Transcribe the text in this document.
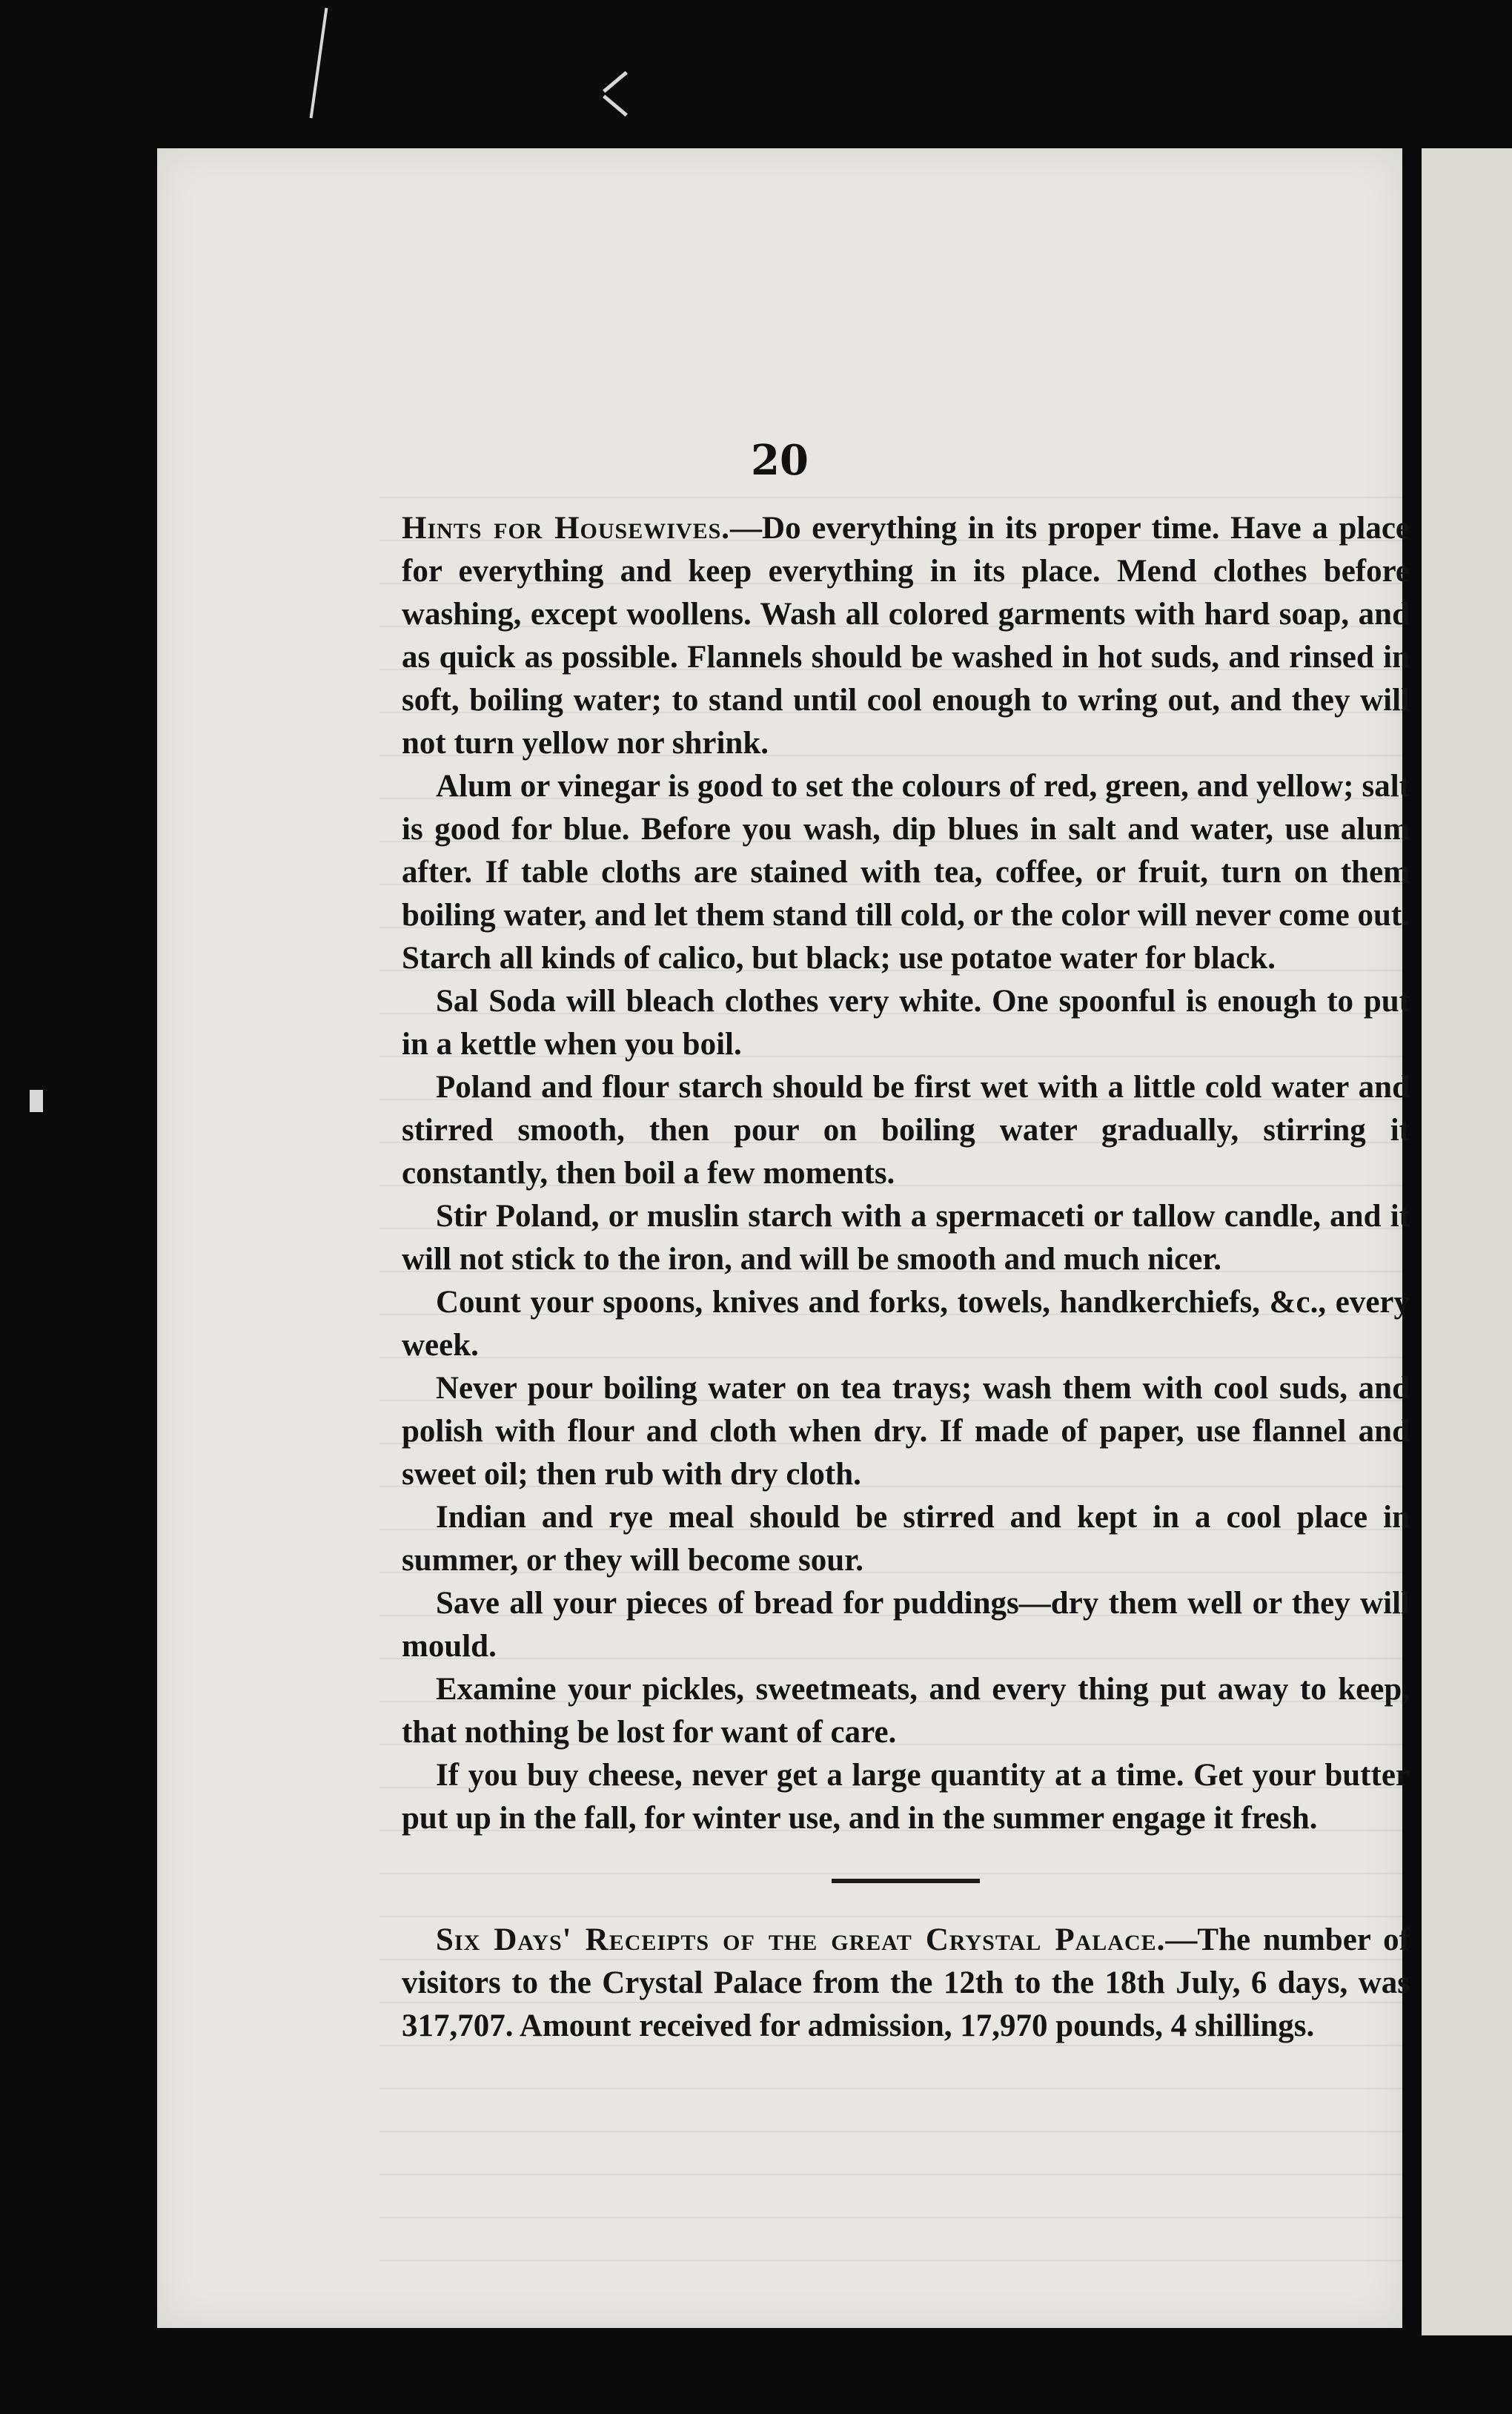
20

Hints for Housewives.—Do everything in its proper time. Have a place for everything and keep everything in its place. Mend clothes before washing, except woollens. Wash all colored garments with hard soap, and as quick as possible. Flannels should be washed in hot suds, and rinsed in soft, boiling water; to stand until cool enough to wring out, and they will not turn yellow nor shrink.

Alum or vinegar is good to set the colours of red, green, and yellow; salt is good for blue. Before you wash, dip blues in salt and water, use alum after. If table cloths are stained with tea, coffee, or fruit, turn on them boiling water, and let them stand till cold, or the color will never come out. Starch all kinds of calico, but black; use potatoe water for black.

Sal Soda will bleach clothes very white. One spoonful is enough to put in a kettle when you boil.

Poland and flour starch should be first wet with a little cold water and stirred smooth, then pour on boiling water gradually, stirring it constantly, then boil a few moments.

Stir Poland, or muslin starch with a spermaceti or tallow candle, and it will not stick to the iron, and will be smooth and much nicer.

Count your spoons, knives and forks, towels, handkerchiefs, &c., every week.

Never pour boiling water on tea trays; wash them with cool suds, and polish with flour and cloth when dry. If made of paper, use flannel and sweet oil; then rub with dry cloth.

Indian and rye meal should be stirred and kept in a cool place in summer, or they will become sour.

Save all your pieces of bread for puddings—dry them well or they will mould.

Examine your pickles, sweetmeats, and every thing put away to keep, that nothing be lost for want of care.

If you buy cheese, never get a large quantity at a time. Get your butter put up in the fall, for winter use, and in the summer engage it fresh.

Six Days' Receipts of the great Crystal Palace.—The number of visitors to the Crystal Palace from the 12th to the 18th July, 6 days, was 317,707. Amount received for admission, 17,970 pounds, 4 shillings.
